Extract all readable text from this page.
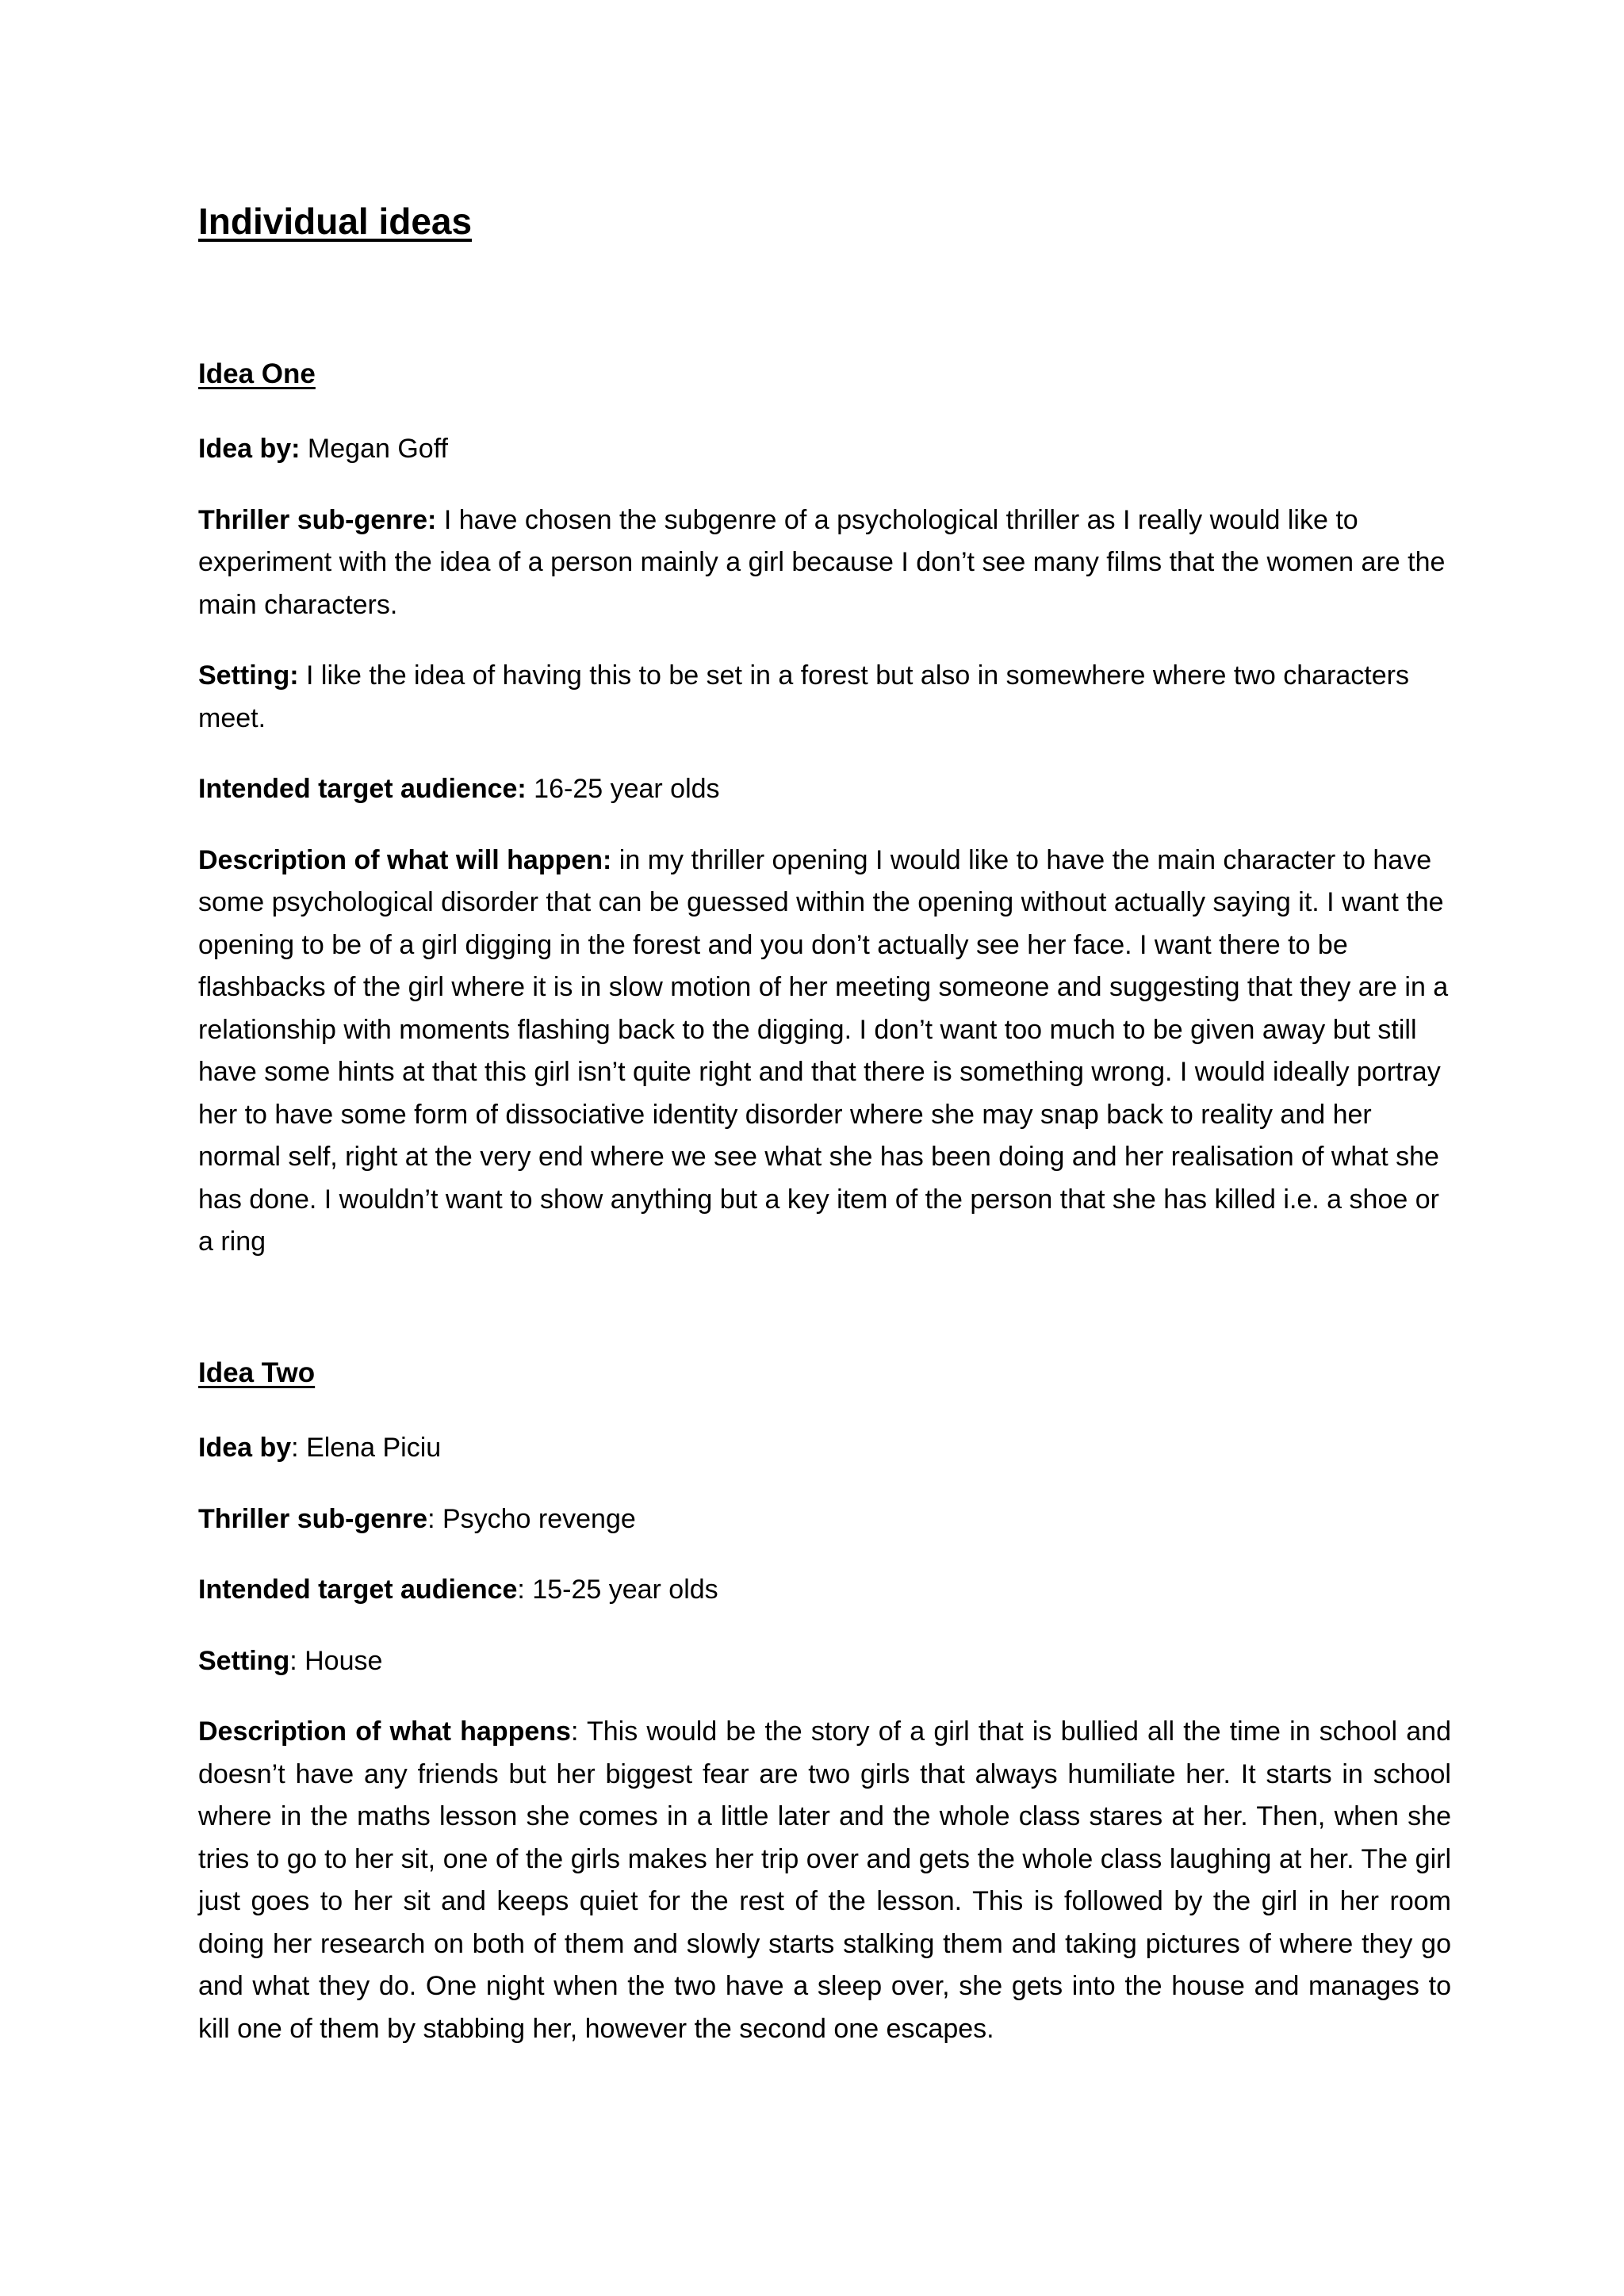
Individual ideas

Idea One

Idea by: Megan Goff

Thriller sub-genre: I have chosen the subgenre of a psychological thriller as I really would like to experiment with the idea of a person mainly a girl because I don’t see many films that the women are the main characters.

Setting: I like the idea of having this to be set in a forest but also in somewhere where two characters meet.

Intended target audience: 16-25 year olds

Description of what will happen: in my thriller opening I would like to have the main character to have some psychological disorder that can be guessed within the opening without actually saying it. I want the opening to be of a girl digging in the forest and you don’t actually see her face. I want there to be flashbacks of the girl where it is in slow motion of her meeting someone and suggesting that they are in a relationship with moments flashing back to the digging. I don’t want too much to be given away but still have some hints at that this girl isn’t quite right and that there is something wrong. I would ideally portray her to have some form of dissociative identity disorder where she may snap back to reality and her normal self, right at the very end where we see what she has been doing and her realisation of what she has done. I wouldn’t want to show anything but a key item of the person that she has killed i.e. a shoe or a ring

Idea Two

Idea by: Elena Piciu

Thriller sub-genre: Psycho revenge

Intended target audience: 15-25 year olds

Setting: House

Description of what happens: This would be the story of a girl that is bullied all the time in school and doesn’t have any friends but her biggest fear are two girls that always humiliate her. It starts in school where in the maths lesson she comes in a little later and the whole class stares at her. Then, when she tries to go to her sit, one of the girls makes her trip over and gets the whole class laughing at her. The girl just goes to her sit and keeps quiet for the rest of the lesson. This is followed by the girl in her room doing her research on both of them and slowly starts stalking them and taking pictures of where they go and what they do. One night when the two have a sleep over, she gets into the house and manages to kill one of them by stabbing her, however the second one escapes.
